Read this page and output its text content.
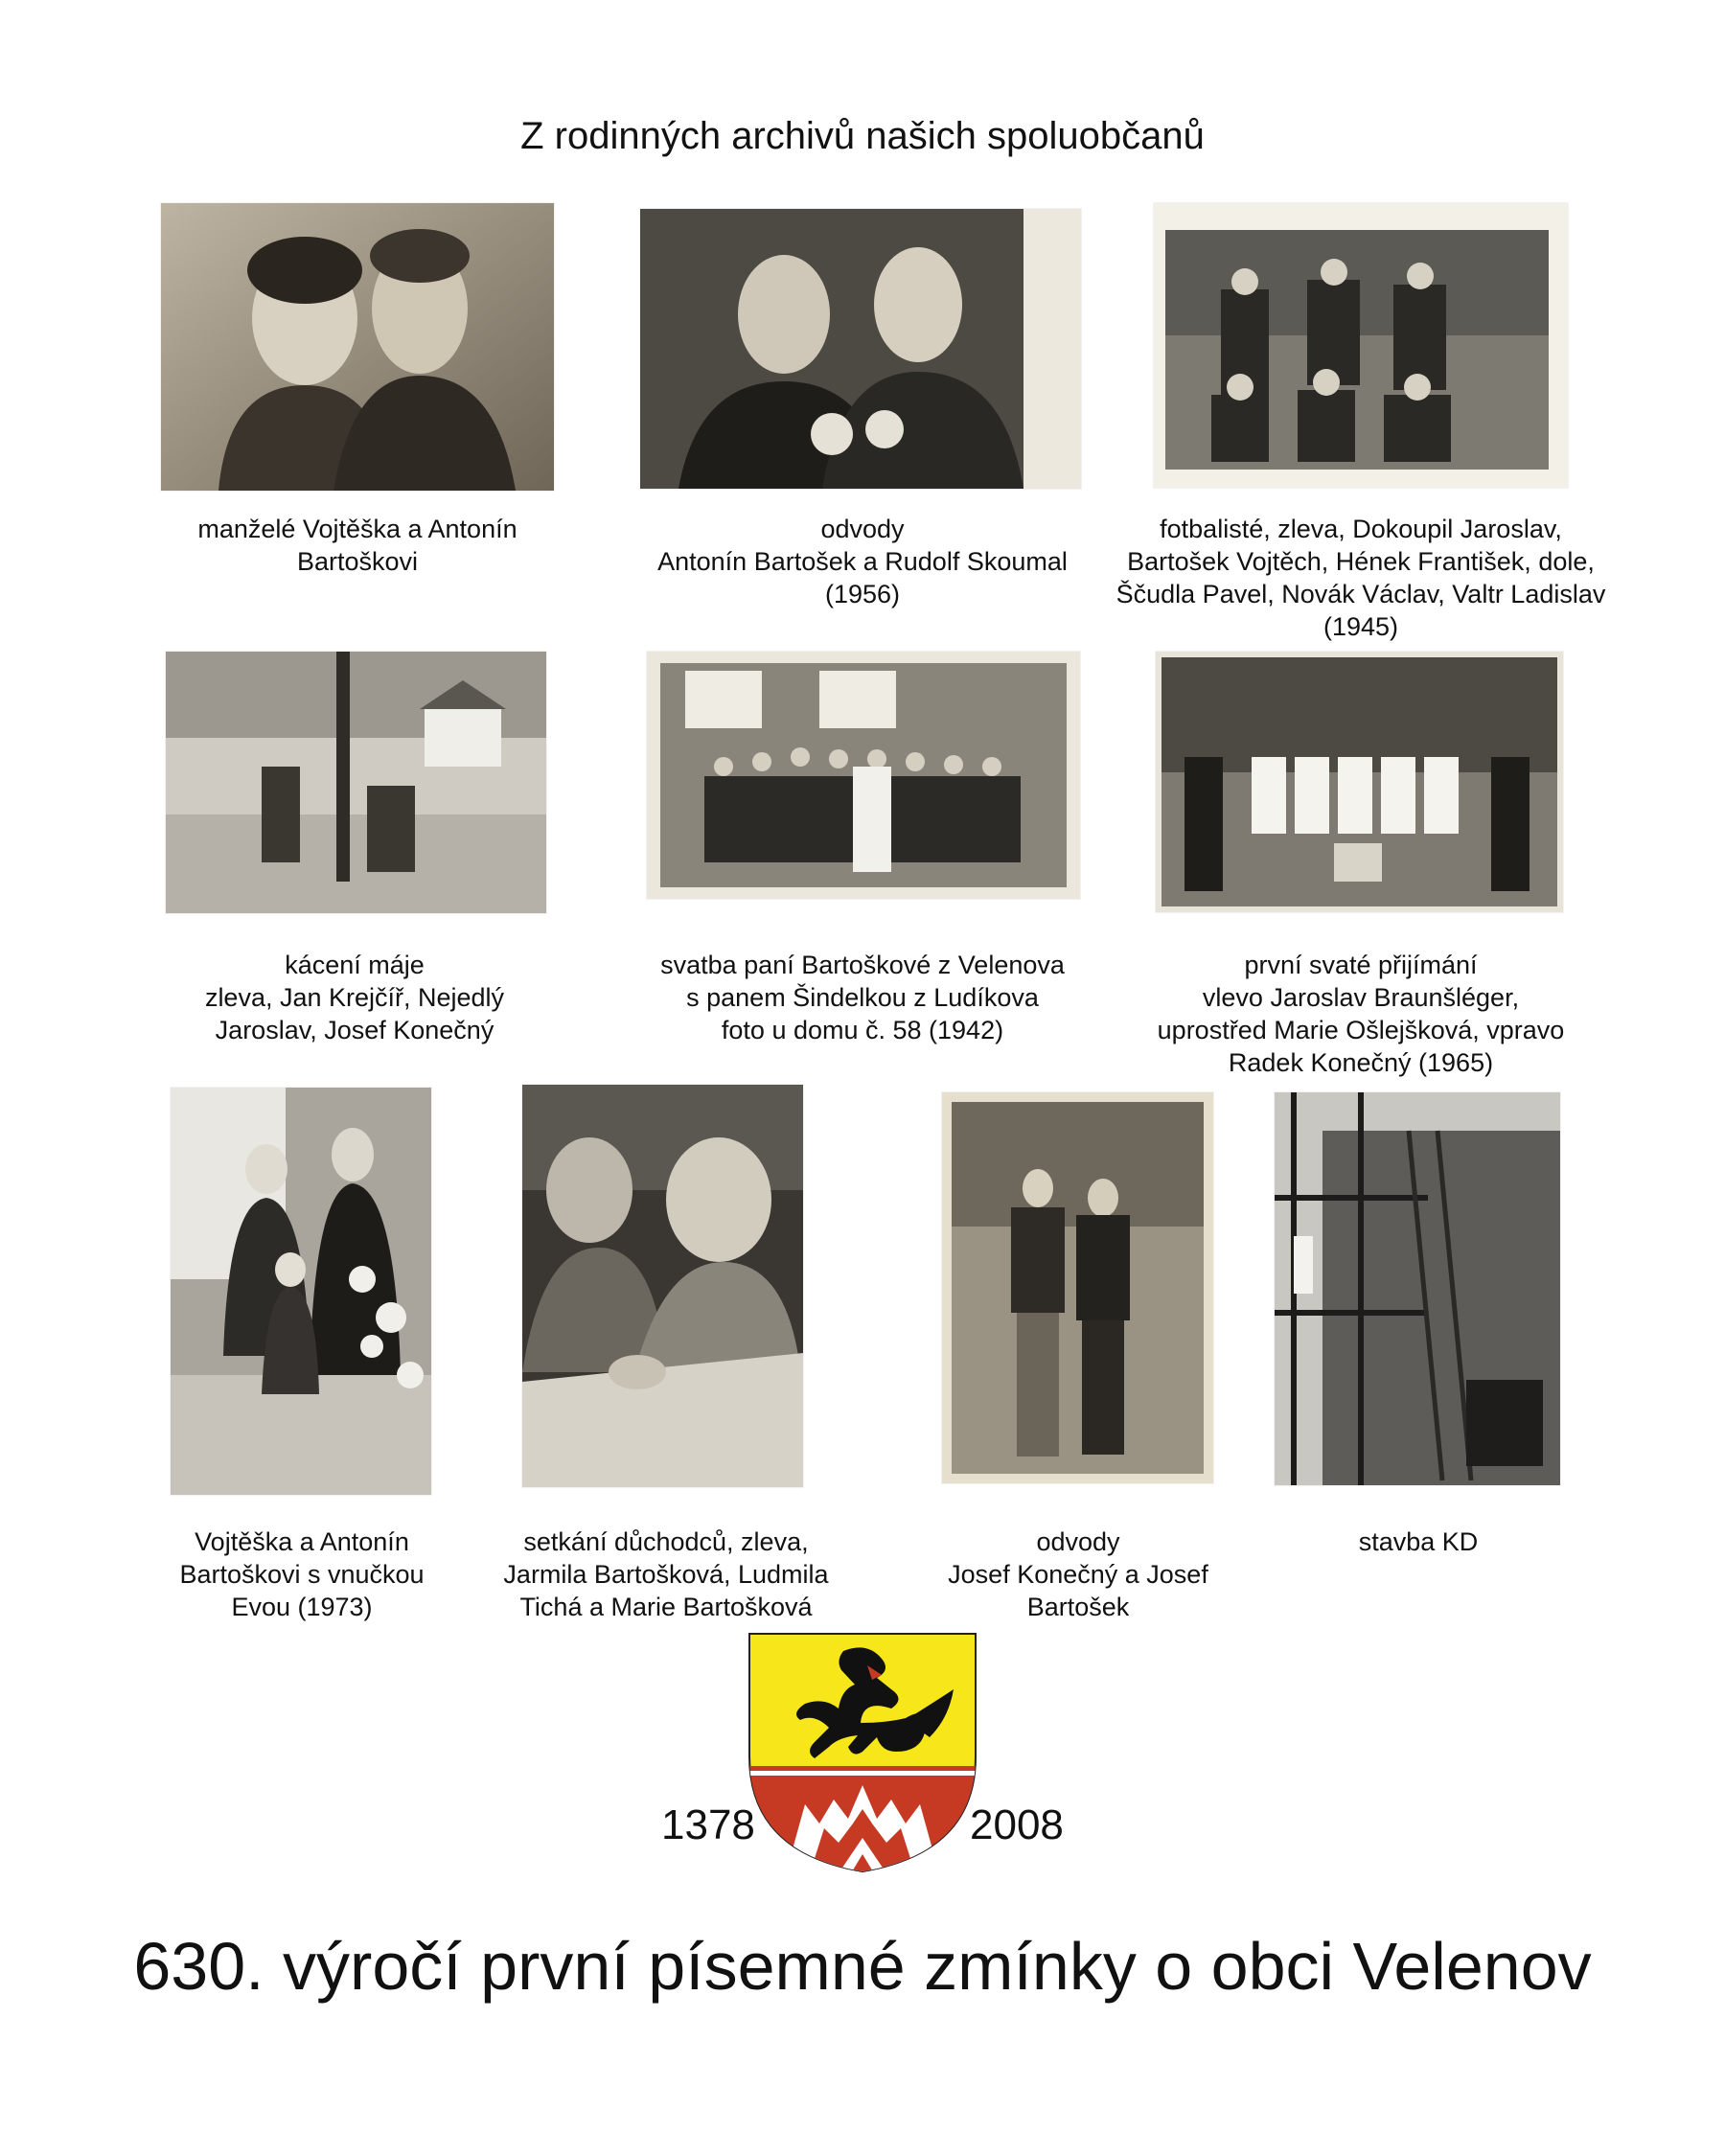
Z rodinných archivů našich spoluobčanů
manželé Vojtěška a Antonín
Bartoškovi
odvody
Antonín Bartošek a Rudolf Skoumal
(1956)
fotbalisté, zleva, Dokoupil Jaroslav,
Bartošek Vojtěch, Hének František, dole,
Ščudla Pavel, Novák Václav, Valtr Ladislav
(1945)
kácení máje
zleva, Jan Krejčíř, Nejedlý
Jaroslav, Josef Konečný
svatba paní Bartoškové z Velenova
s panem Šindelkou z Ludíkova
foto u domu č. 58 (1942)
první svaté přijímání
vlevo Jaroslav Braunšléger,
uprostřed Marie Ošlejšková, vpravo
Radek Konečný (1965)
Vojtěška a Antonín
Bartoškovi s vnučkou
Evou (1973)
setkání důchodců, zleva,
Jarmila Bartošková, Ludmila
Tichá a Marie Bartošková
odvody
Josef Konečný a Josef
Bartošek
stavba KD
1378	2008
630. výročí první písemné zmínky o obci Velenov
